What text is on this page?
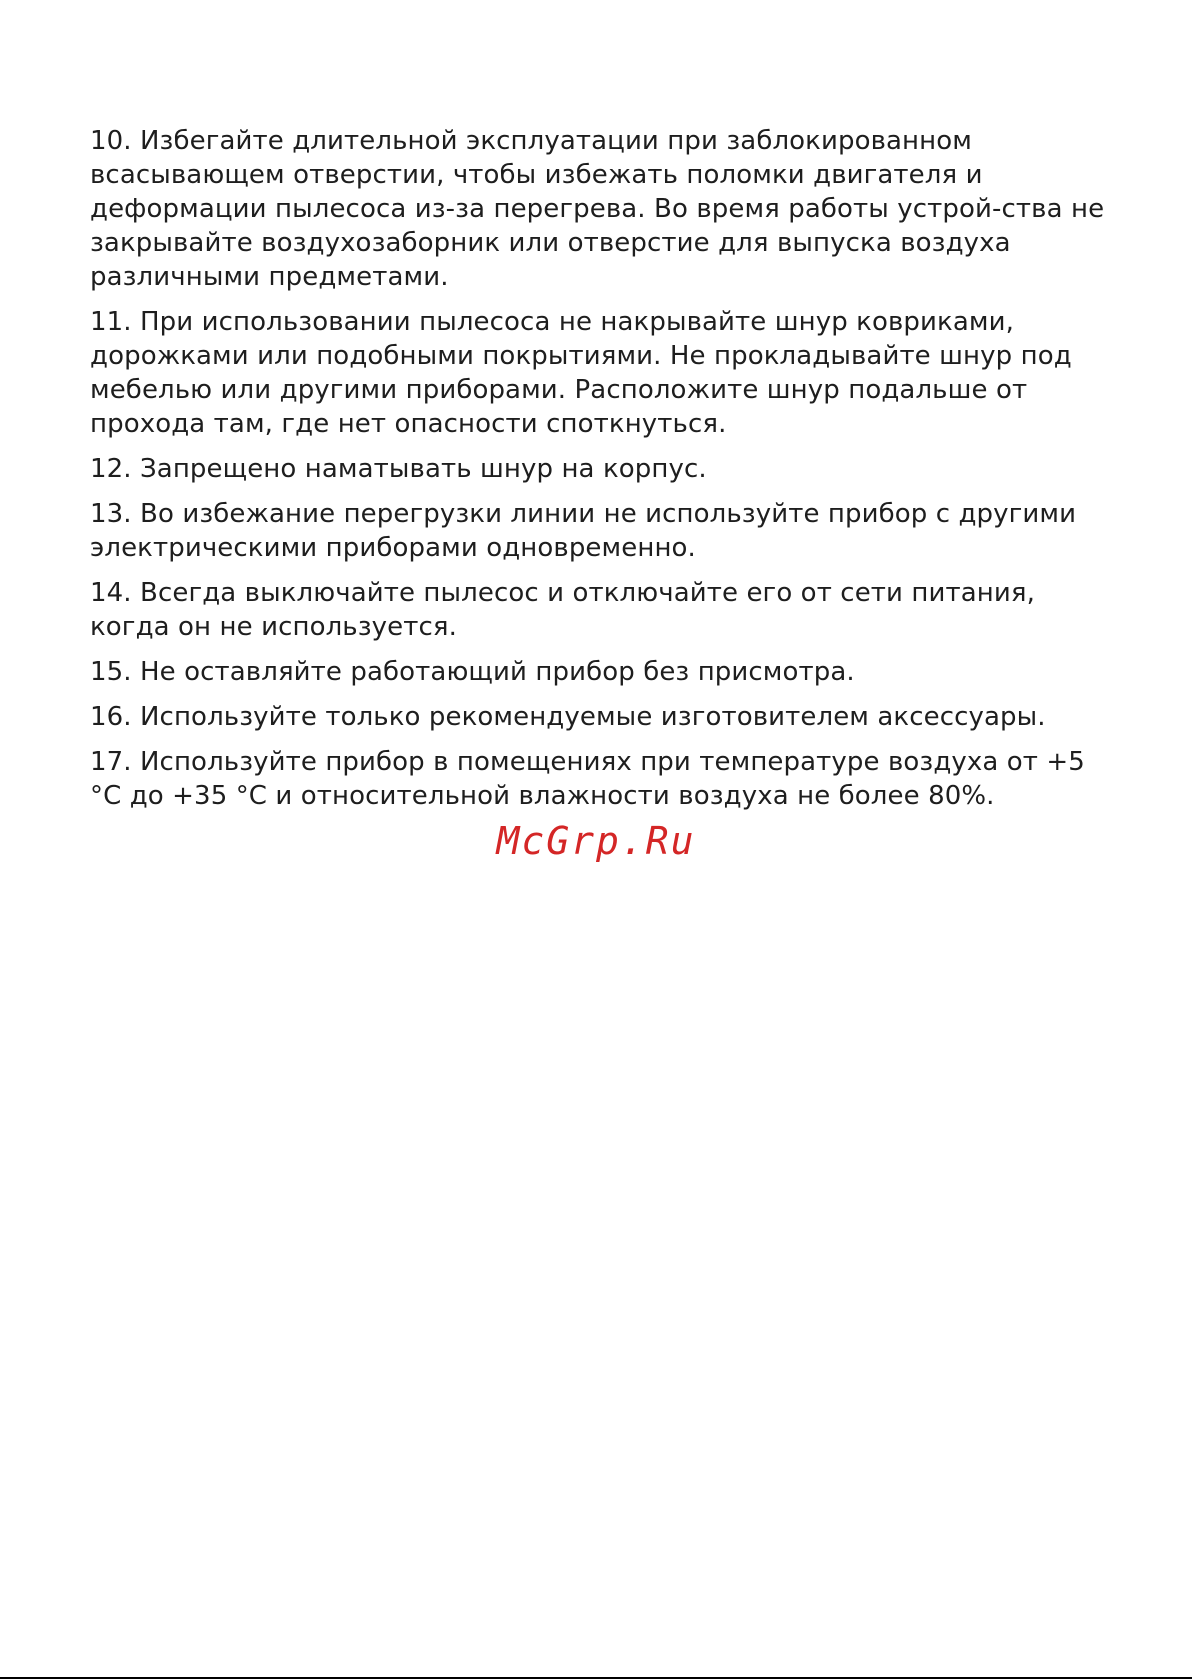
10. Избегайте длительной эксплуатации при заблокированном всасывающем отверстии, чтобы избежать поломки двигателя и деформации пылесоса из-за перегрева. Во время работы устрой-ства не закрывайте воздухозаборник или отверстие для выпуска воздуха различными предметами.

11. При использовании пылесоса не накрывайте шнур ковриками, дорожками или подобными покрытиями. Не прокладывайте шнур под мебелью или другими приборами. Расположите шнур подальше от прохода там, где нет опасности споткнуться.

12. Запрещено наматывать шнур на корпус.

13. Во избежание перегрузки линии не используйте прибор с другими электрическими приборами одновременно.

14. Всегда выключайте пылесос и отключайте его от сети питания, когда он не используется.

15. Не оставляйте работающий прибор без присмотра.

16. Используйте только рекомендуемые изготовителем аксессуары.

17. Используйте прибор в помещениях при температуре воздуха от +5 °С до +35 °С и относительной влажности воздуха не более 80%.

McGrp.Ru
